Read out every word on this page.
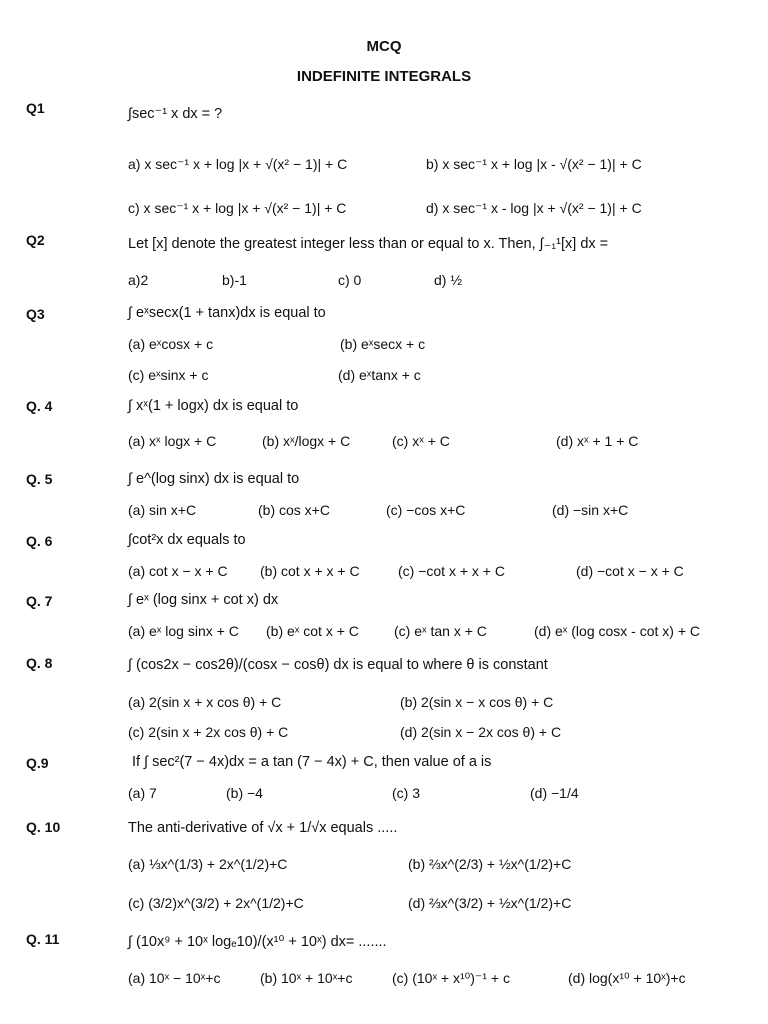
MCQ
INDEFINITE INTEGRALS
Q1	∫sec⁻¹ x dx = ?
a) x sec⁻¹ x + log |x + √(x² − 1)| + C	b) x sec⁻¹ x + log |x - √(x² − 1)| + C
c) x sec⁻¹ x + log |x + √(x² − 1)| + C	d) x sec⁻¹ x - log |x + √(x² − 1)| + C
Q2	Let [x] denote the greatest integer less than or equal to x. Then, ∫₋₁¹[x] dx =
a)2	b)-1	c) 0	d) ½
Q3	∫ eˣsecx(1 + tanx)dx is equal to
(a) eˣcosx + c	(b) eˣsecx + c
(c) eˣsinx + c	(d) eˣtanx + c
Q. 4	∫ xˣ(1 + logx) dx is equal to
(a) xˣ logx + C	(b) xˣ/logx + C	(c) xˣ + C	(d) xˣ + 1 + C
Q. 5	∫ e^(log sinx) dx is equal to
(a) sin x+C	(b) cos x+C	(c) −cos x+C	(d) −sin x+C
Q. 6	∫cot²x dx equals to
(a) cot x − x + C (b) cot x + x + C	(c) −cot x + x + C	(d) −cot x − x + C
Q. 7	∫ eˣ (log sinx + cot x) dx
(a) eˣ log sinx + C (b) eˣ cot x + C	(c) eˣ tan x + C	(d) eˣ (log cosx - cot x) + C
Q. 8	∫ (cos2x − cos2θ)/(cosx − cosθ) dx is equal to where θ is constant
(a) 2(sin x + x cos θ) + C	(b) 2(sin x − x cos θ) + C
(c) 2(sin x + 2x cos θ) + C	(d) 2(sin x − 2x cos θ) + C
Q.9	If ∫ sec²(7 − 4x)dx = a tan (7 − 4x) + C, then value of a is
(a) 7	(b) −4	(c) 3	(d) −1/4
Q. 10	The anti-derivative of √x + 1/√x equals .....
(a) ⅓x^(1/3) + 2x^(1/2)+C	(b) ⅔x^(2/3) + ½x^(1/2)+C
(c) (3/2)x^(3/2) + 2x^(1/2)+C	(d) ⅔x^(3/2) + ½x^(1/2)+C
Q. 11	∫ (10x⁹ + 10ˣ logₑ10)/(x¹⁰ + 10ˣ) dx= .......
(a) 10ˣ − 10ˣ+c	(b) 10ˣ + 10ˣ+c	(c) (10ˣ + x¹⁰)⁻¹ + c	(d) log(x¹⁰ + 10ˣ)+c
